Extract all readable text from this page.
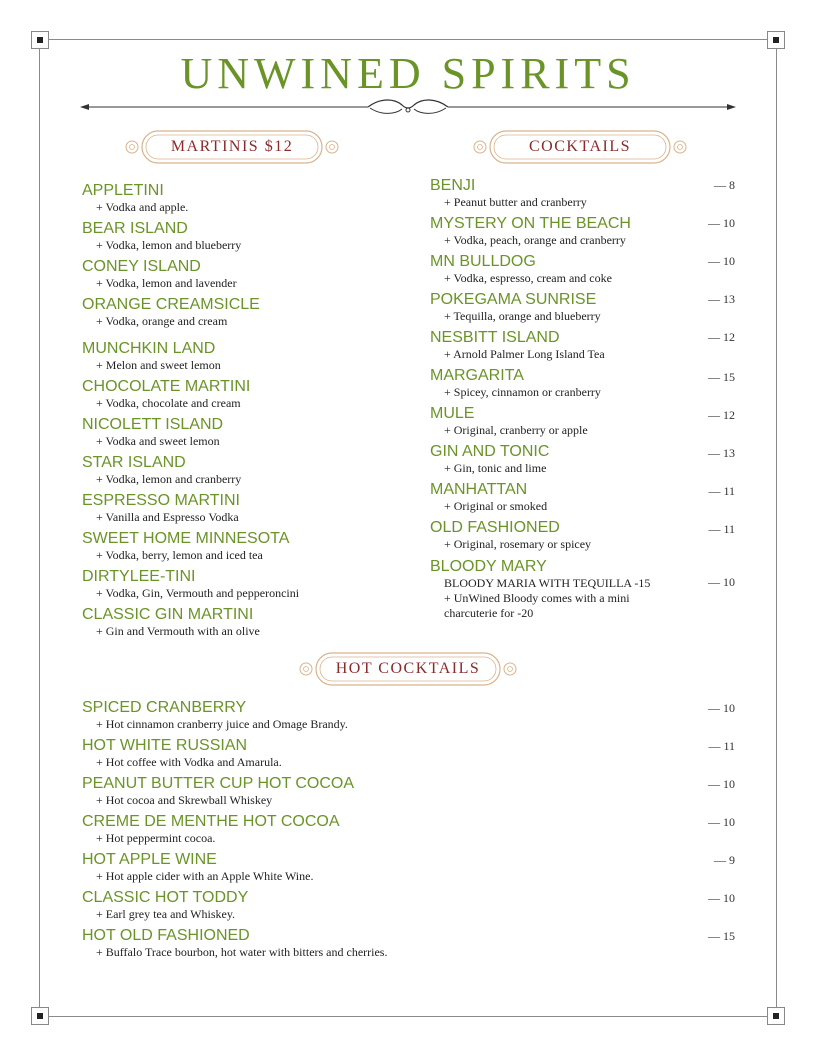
UNWINED SPIRITS
MARTINIS $12	COCKTAILS
HOT COCKTAILS
APPLETINI
+ Vodka and apple.
BEAR ISLAND
+ Vodka, lemon and blueberry
CONEY ISLAND
+ Vodka, lemon and lavender
ORANGE CREAMSICLE
+ Vodka, orange and cream
MUNCHKIN LAND
+ Melon and sweet lemon
CHOCOLATE MARTINI
+ Vodka, chocolate and cream
NICOLETT ISLAND
+ Vodka and sweet lemon
STAR ISLAND
+ Vodka, lemon and cranberry
ESPRESSO MARTINI
+ Vanilla and Espresso Vodka
SWEET HOME MINNESOTA
+ Vodka, berry, lemon and iced tea
DIRTYLEE-TINI
+ Vodka, Gin, Vermouth and pepperoncini
CLASSIC GIN MARTINI
+ Gin and Vermouth with an olive
BENJI
+ Peanut butter and cranberry
— 8
MYSTERY ON THE BEACH
+ Vodka, peach, orange and cranberry
— 10
MN BULLDOG
+ Vodka, espresso, cream and coke
— 10
POKEGAMA SUNRISE
+ Tequilla, orange and blueberry
— 13
NESBITT ISLAND
+ Arnold Palmer Long Island Tea
— 12
MARGARITA
+ Spicey, cinnamon or cranberry
— 15
MULE
+ Original, cranberry or apple
— 12
GIN AND TONIC
+ Gin, tonic and lime
— 13
MANHATTAN
+ Original or smoked
— 11
OLD FASHIONED
+ Original, rosemary or spicey
— 11
BLOODY MARY
BLOODY MARIA WITH TEQUILLA -15
+ UnWined Bloody comes with a mini
charcuterie for -20
— 10
SPICED CRANBERRY
+ Hot cinnamon cranberry juice and Omage Brandy.
— 10
HOT WHITE RUSSIAN
+ Hot coffee with Vodka and Amarula.
— 11
PEANUT BUTTER CUP HOT COCOA
+ Hot cocoa and Skrewball Whiskey
— 10
CREME DE MENTHE HOT COCOA
+ Hot peppermint cocoa.
— 10
HOT APPLE WINE
+ Hot apple cider with an Apple White Wine.
— 9
CLASSIC HOT TODDY
+ Earl grey tea and Whiskey.
— 10
HOT OLD FASHIONED
+ Buffalo Trace bourbon, hot water with bitters and cherries.
— 15
